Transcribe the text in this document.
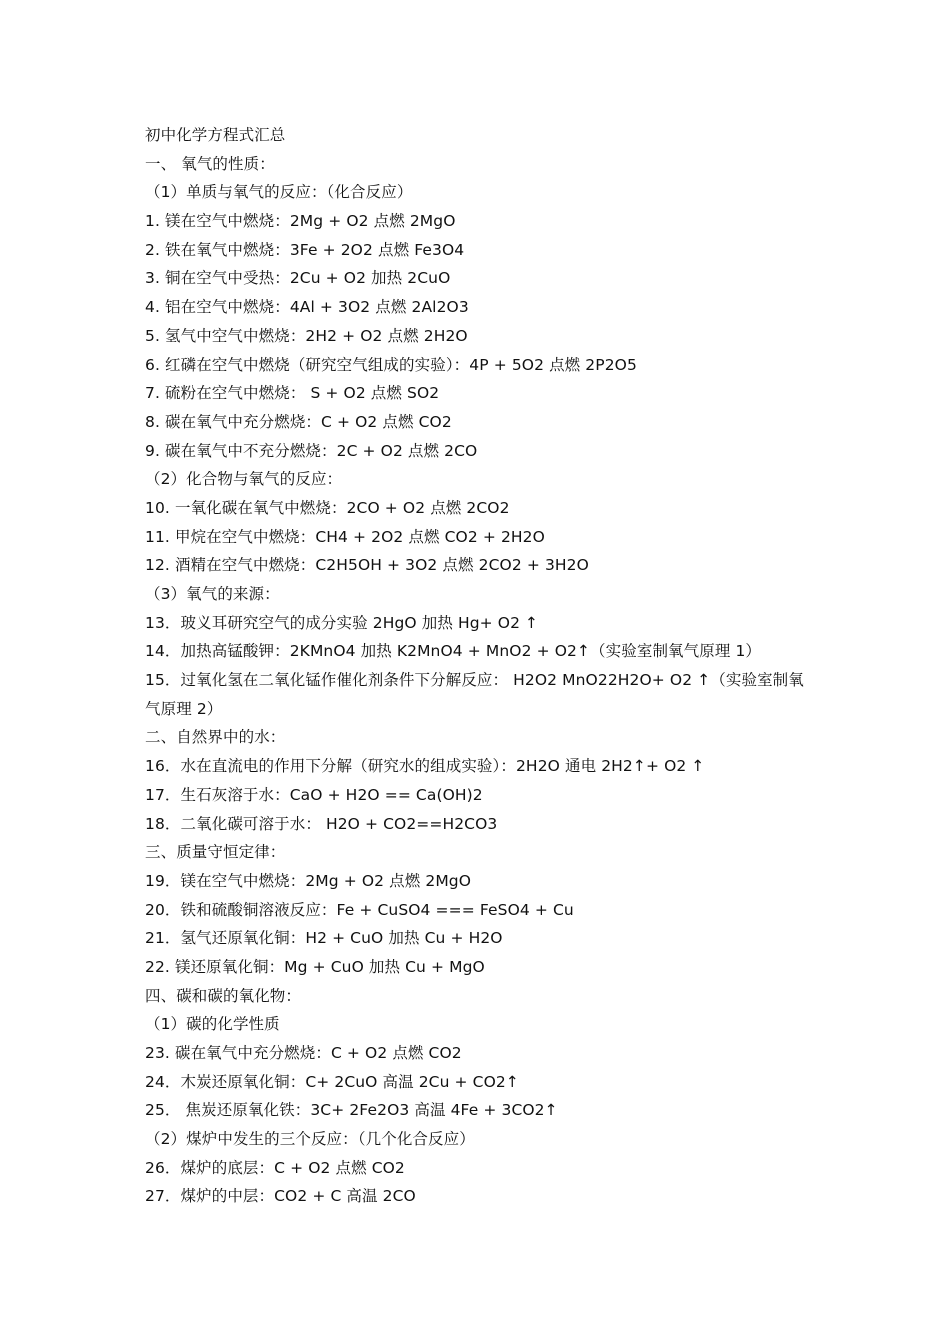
初中化学方程式汇总
一、 氧气的性质：
（1）单质与氧气的反应：（化合反应）
1. 镁在空气中燃烧：2Mg + O2 点燃 2MgO
2. 铁在氧气中燃烧：3Fe + 2O2 点燃 Fe3O4
3. 铜在空气中受热：2Cu + O2 加热 2CuO
4. 铝在空气中燃烧：4Al + 3O2 点燃 2Al2O3
5. 氢气中空气中燃烧：2H2 + O2 点燃 2H2O
6. 红磷在空气中燃烧（研究空气组成的实验）：4P + 5O2 点燃 2P2O5
7. 硫粉在空气中燃烧： S + O2 点燃 SO2
8. 碳在氧气中充分燃烧：C + O2 点燃 CO2
9. 碳在氧气中不充分燃烧：2C + O2 点燃 2CO
（2）化合物与氧气的反应：
10. 一氧化碳在氧气中燃烧：2CO + O2 点燃 2CO2
11. 甲烷在空气中燃烧：CH4 + 2O2 点燃 CO2 + 2H2O
12. 酒精在空气中燃烧：C2H5OH + 3O2 点燃 2CO2 + 3H2O
（3）氧气的来源：
13．玻义耳研究空气的成分实验 2HgO 加热 Hg+ O2 ↑
14．加热高锰酸钾：2KMnO4 加热 K2MnO4 + MnO2 + O2↑（实验室制氧气原理 1）
15．过氧化氢在二氧化锰作催化剂条件下分解反应： H2O2 MnO22H2O+ O2 ↑（实验室制氧气原理 2）
二、自然界中的水：
16．水在直流电的作用下分解（研究水的组成实验）：2H2O 通电 2H2↑+ O2 ↑
17．生石灰溶于水：CaO + H2O == Ca(OH)2
18．二氧化碳可溶于水： H2O + CO2==H2CO3
三、质量守恒定律：
19．镁在空气中燃烧：2Mg + O2 点燃 2MgO
20．铁和硫酸铜溶液反应：Fe + CuSO4 === FeSO4 + Cu
21．氢气还原氧化铜：H2 + CuO 加热 Cu + H2O
22. 镁还原氧化铜：Mg + CuO 加热 Cu + MgO
四、碳和碳的氧化物：
（1）碳的化学性质
23. 碳在氧气中充分燃烧：C + O2 点燃 CO2
24．木炭还原氧化铜：C+ 2CuO 高温 2Cu + CO2↑
25． 焦炭还原氧化铁：3C+ 2Fe2O3 高温 4Fe + 3CO2↑
（2）煤炉中发生的三个反应：（几个化合反应）
26．煤炉的底层：C + O2 点燃 CO2
27．煤炉的中层：CO2 + C 高温 2CO
